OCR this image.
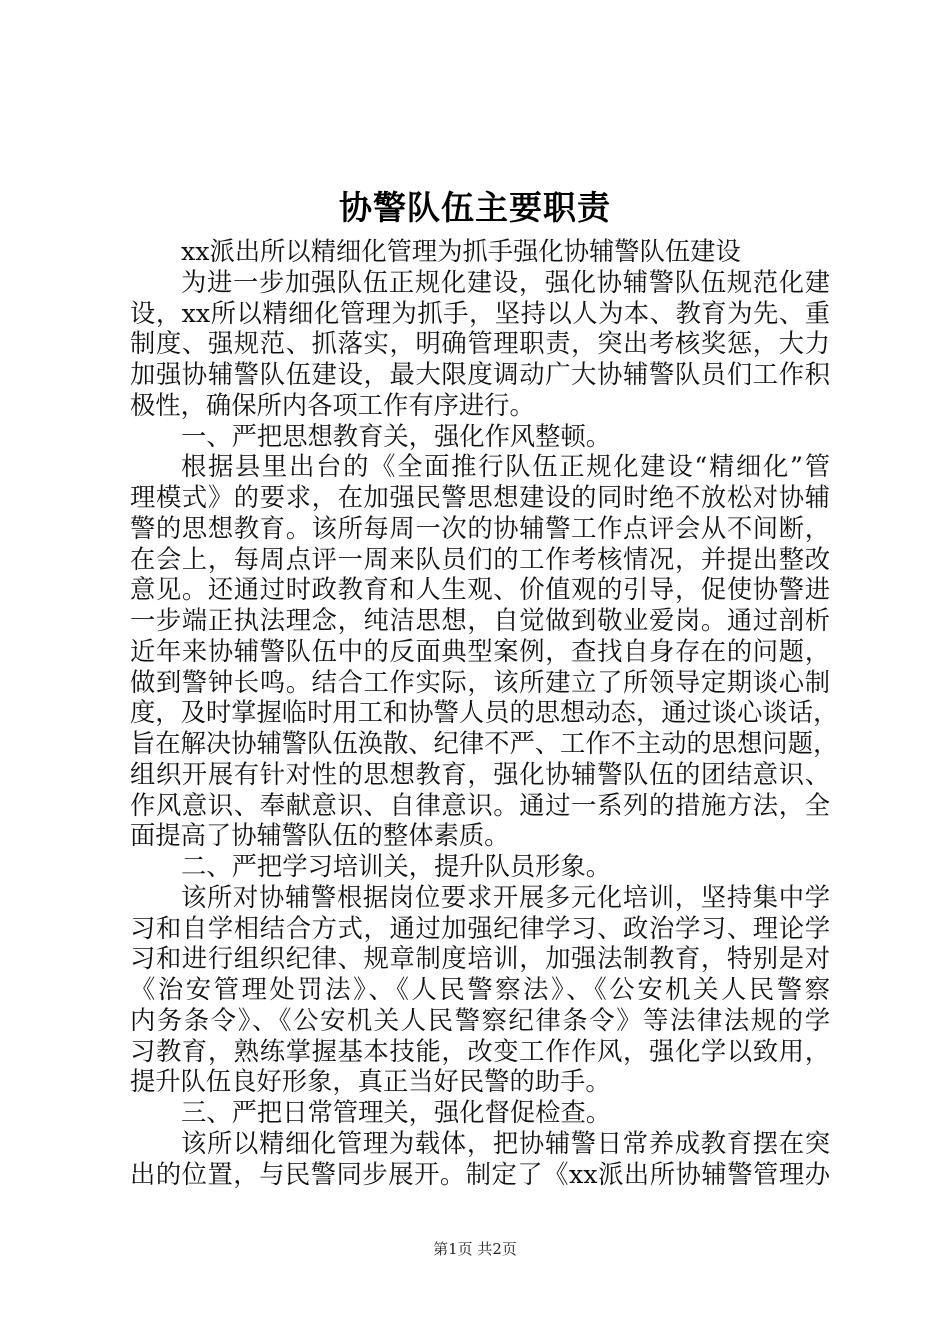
协警队伍主要职责
xx派出所以精细化管理为抓手强化协辅警队伍建设
为进一步加强队伍正规化建设，强化协辅警队伍规范化建
设，xx所以精细化管理为抓手，坚持以人为本、教育为先、重
制度、强规范、抓落实，明确管理职责，突出考核奖惩，大力
加强协辅警队伍建设，最大限度调动广大协辅警队员们工作积
极性，确保所内各项工作有序进行。
一、严把思想教育关，强化作风整顿。
根据县里出台的《全面推行队伍正规化建设“精细化”管
理模式》的要求，在加强民警思想建设的同时绝不放松对协辅
警的思想教育。该所每周一次的协辅警工作点评会从不间断，
在会上，每周点评一周来队员们的工作考核情况，并提出整改
意见。还通过时政教育和人生观、价值观的引导，促使协警进
一步端正执法理念，纯洁思想，自觉做到敬业爱岗。通过剖析
近年来协辅警队伍中的反面典型案例，查找自身存在的问题，
做到警钟长鸣。结合工作实际，该所建立了所领导定期谈心制
度，及时掌握临时用工和协警人员的思想动态，通过谈心谈话，
旨在解决协辅警队伍涣散、纪律不严、工作不主动的思想问题，
组织开展有针对性的思想教育，强化协辅警队伍的团结意识、
作风意识、奉献意识、自律意识。通过一系列的措施方法，全
面提高了协辅警队伍的整体素质。
二、严把学习培训关，提升队员形象。
该所对协辅警根据岗位要求开展多元化培训，坚持集中学
习和自学相结合方式，通过加强纪律学习、政治学习、理论学
习和进行组织纪律、规章制度培训，加强法制教育，特别是对
《治安管理处罚法》、《人民警察法》、《公安机关人民警察
内务条令》、《公安机关人民警察纪律条令》等法律法规的学
习教育，熟练掌握基本技能，改变工作作风，强化学以致用，
提升队伍良好形象，真正当好民警的助手。
三、严把日常管理关，强化督促检查。
该所以精细化管理为载体，把协辅警日常养成教育摆在突
出的位置，与民警同步展开。制定了《xx派出所协辅警管理办
第1页 共2页
